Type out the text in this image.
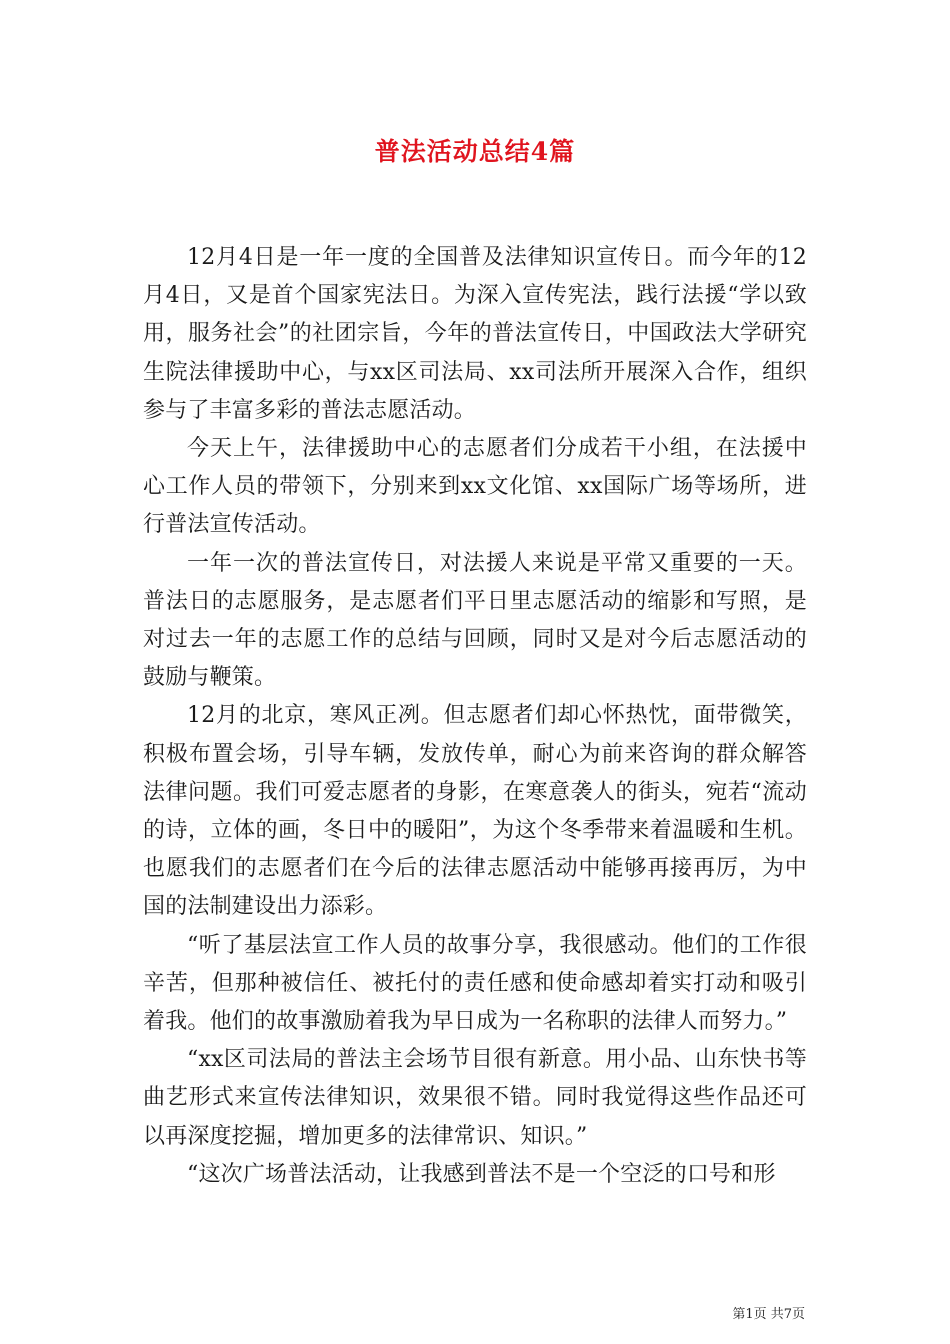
普法活动总结4篇

12月4日是一年一度的全国普及法律知识宣传日。而今年的12月4日，又是首个国家宪法日。为深入宣传宪法，践行法援“学以致用，服务社会”的社团宗旨，今年的普法宣传日，中国政法大学研究生院法律援助中心，与xx区司法局、xx司法所开展深入合作，组织参与了丰富多彩的普法志愿活动。

今天上午，法律援助中心的志愿者们分成若干小组，在法援中心工作人员的带领下，分别来到xx文化馆、xx国际广场等场所，进行普法宣传活动。

一年一次的普法宣传日，对法援人来说是平常又重要的一天。普法日的志愿服务，是志愿者们平日里志愿活动的缩影和写照，是对过去一年的志愿工作的总结与回顾，同时又是对今后志愿活动的鼓励与鞭策。

12月的北京，寒风正冽。但志愿者们却心怀热忱，面带微笑，积极布置会场，引导车辆，发放传单，耐心为前来咨询的群众解答法律问题。我们可爱志愿者的身影，在寒意袭人的街头，宛若“流动的诗，立体的画，冬日中的暖阳”，为这个冬季带来着温暖和生机。也愿我们的志愿者们在今后的法律志愿活动中能够再接再厉，为中国的法制建设出力添彩。

“听了基层法宣工作人员的故事分享，我很感动。他们的工作很辛苦，但那种被信任、被托付的责任感和使命感却着实打动和吸引着我。他们的故事激励着我为早日成为一名称职的法律人而努力。”

“xx区司法局的普法主会场节目很有新意。用小品、山东快书等曲艺形式来宣传法律知识，效果很不错。同时我觉得这些作品还可以再深度挖掘，增加更多的法律常识、知识。”

“这次广场普法活动，让我感到普法不是一个空泛的口号和形

第1页 共7页
